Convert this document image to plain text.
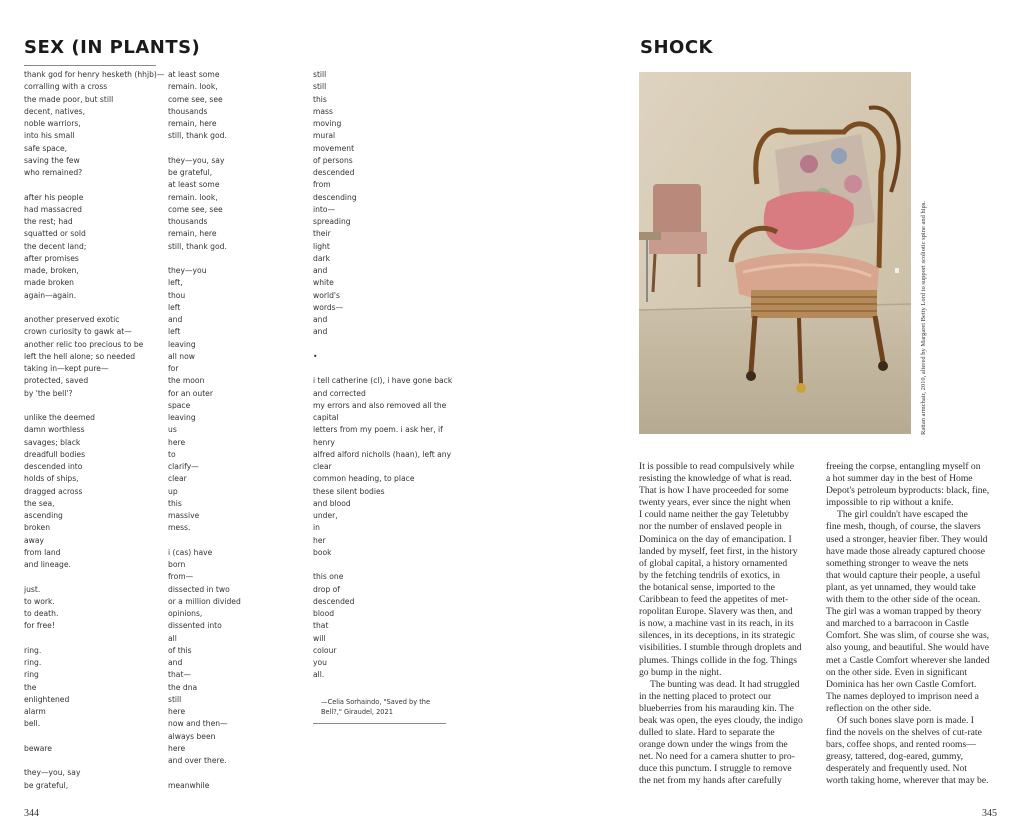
SEX (IN PLANTS)
thank god for henry hesketh (hhjb)—
corralling with a cross
the made poor, but still
decent, natives,
noble warriors,
into his small
safe space,
saving the few
who remained?
after his people
had massacred
the rest; had
squatted or sold
the decent land;
after promises
made, broken,
made broken
again—again.
another preserved exotic
crown curiosity to gawk at—
another relic too precious to be
left the hell alone; so needed
taking in—kept pure—
protected, saved
by 'the bell'?
unlike the deemed
damn worthless
savages; black
dreadfull bodies
descended into
holds of ships,
dragged across
the sea,
ascending
broken
away
from land
and lineage.
just.
to work.
to death.
for free!
ring.
ring.
ring
the
enlightened
alarm
bell.
beware
they—you, say
be grateful,
at least some
remain. look,
come see, see
thousands
remain, here
still, thank god.
they—you, say
be grateful,
at least some
remain. look,
come see, see
thousands
remain, here
still, thank god.
they—you
left,
thou
left
and
left
leaving
all now
for
the moon
for an outer
space
leaving
us
here
to
clarify—
clear
up
this
massive
mess.
i (cas) have
born
from—
dissected in two
or a million divided
opinions,
dissented into
all
of this
and
that—
the dna
still
here
now and then—
always been
here
and over there.
meanwhile
still
still
this
mass
moving
mural
movement
of persons
descended
from
descending
into—
spreading
their
light
dark
and
white
world's
words—
and
and
•
i tell catherine (cl), i have gone back
and corrected
my errors and also removed all the
capital
letters from my poem. i ask her, if
henry
alfred alford nicholls (haan), left any
clear
common heading, to place
these silent bodies
and blood
under,
in
her
book
this one
drop of
descended
blood
that
will
colour
you
all.
—Celia Sorhaindo, "Saved by the
Bell?," Giraudel, 2021
344
SHOCK
Rattan armchair, 2010, altered by Margaret Betty Lord to support scoliotic spine and hips.
It is possible to read compulsively while
resisting the knowledge of what is read.
That is how I have proceeded for some
twenty years, ever since the night when
I could name neither the gay Teletubby
nor the number of enslaved people in
Dominica on the day of emancipation. I
landed by myself, feet first, in the history
of global capital, a history ornamented
by the fetching tendrils of exotics, in
the botanical sense, imported to the
Caribbean to feed the appetites of met-
ropolitan Europe. Slavery was then, and
is now, a machine vast in its reach, in its
silences, in its deceptions, in its strategic
visibilities. I stumble through droplets and
plumes. Things collide in the fog. Things
go bump in the night.
The bunting was dead. It had struggled
in the netting placed to protect our
blueberries from his marauding kin. The
beak was open, the eyes cloudy, the indigo
dulled to slate. Hard to separate the
orange down under the wings from the
net. No need for a camera shutter to pro-
duce this punctum. I struggle to remove
the net from my hands after carefully
freeing the corpse, entangling myself on
a hot summer day in the best of Home
Depot's petroleum byproducts: black, fine,
impossible to rip without a knife.
The girl couldn't have escaped the
fine mesh, though, of course, the slavers
used a stronger, heavier fiber. They would
have made those already captured choose
something stronger to weave the nets
that would capture their people, a useful
plant, as yet unnamed, they would take
with them to the other side of the ocean.
The girl was a woman trapped by theory
and marched to a barracoon in Castle
Comfort. She was slim, of course she was,
also young, and beautiful. She would have
met a Castle Comfort wherever she landed
on the other side. Even in significant
Dominica has her own Castle Comfort.
The names deployed to imprison need a
reflection on the other side.
Of such bones slave porn is made. I
find the novels on the shelves of cut-rate
bars, coffee shops, and rented rooms—
greasy, tattered, dog-eared, gummy,
desperately and frequently used. Not
worth taking home, wherever that may be.
345
